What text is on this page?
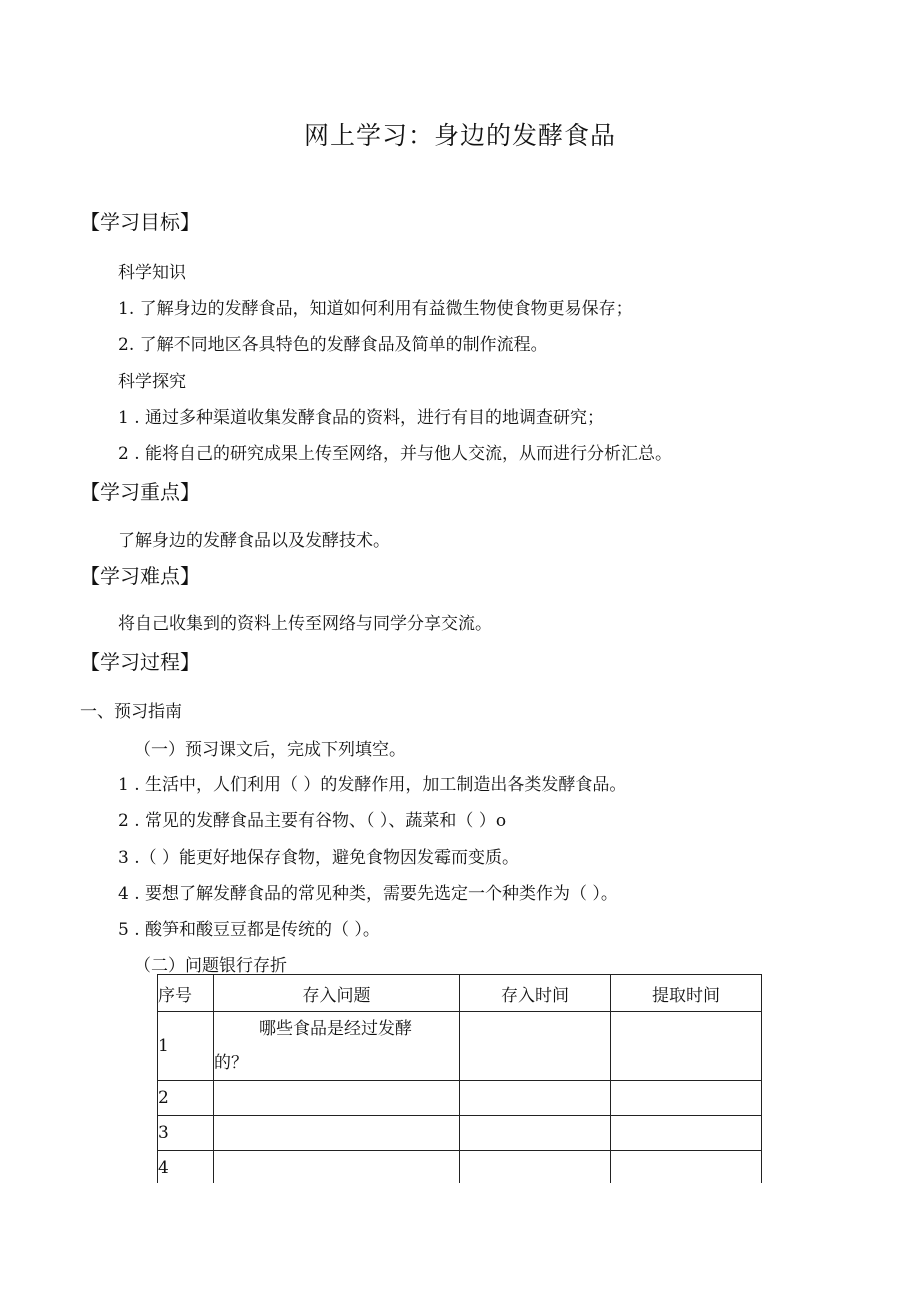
网上学习：身边的发酵食品
【学习目标】
科学知识
1. 了解身边的发酵食品，知道如何利用有益微生物使食物更易保存；
2. 了解不同地区各具特色的发酵食品及简单的制作流程。
科学探究
1 . 通过多种渠道收集发酵食品的资料，进行有目的地调查研究；
2 . 能将自己的研究成果上传至网络，并与他人交流，从而进行分析汇总。
【学习重点】
了解身边的发酵食品以及发酵技术。
【学习难点】
将自己收集到的资料上传至网络与同学分享交流。
【学习过程】
一、预习指南
（一）预习课文后，完成下列填空。
1 . 生活中，人们利用（ ）的发酵作用，加工制造出各类发酵食品。
2 . 常见的发酵食品主要有谷物、（ ）、蔬菜和（ ）o
3 .（ ）能更好地保存食物，避免食物因发霉而变质。
4 . 要想了解发酵食品的常见种类，需要先选定一个种类作为（ ）。
5 . 酸笋和酸豆豆都是传统的（ ）。
（二）问题银行存折
序号	存入问题	存入时间	提取时间
1	哪些食品是经过发酵
的？		

2			
3			
4			
